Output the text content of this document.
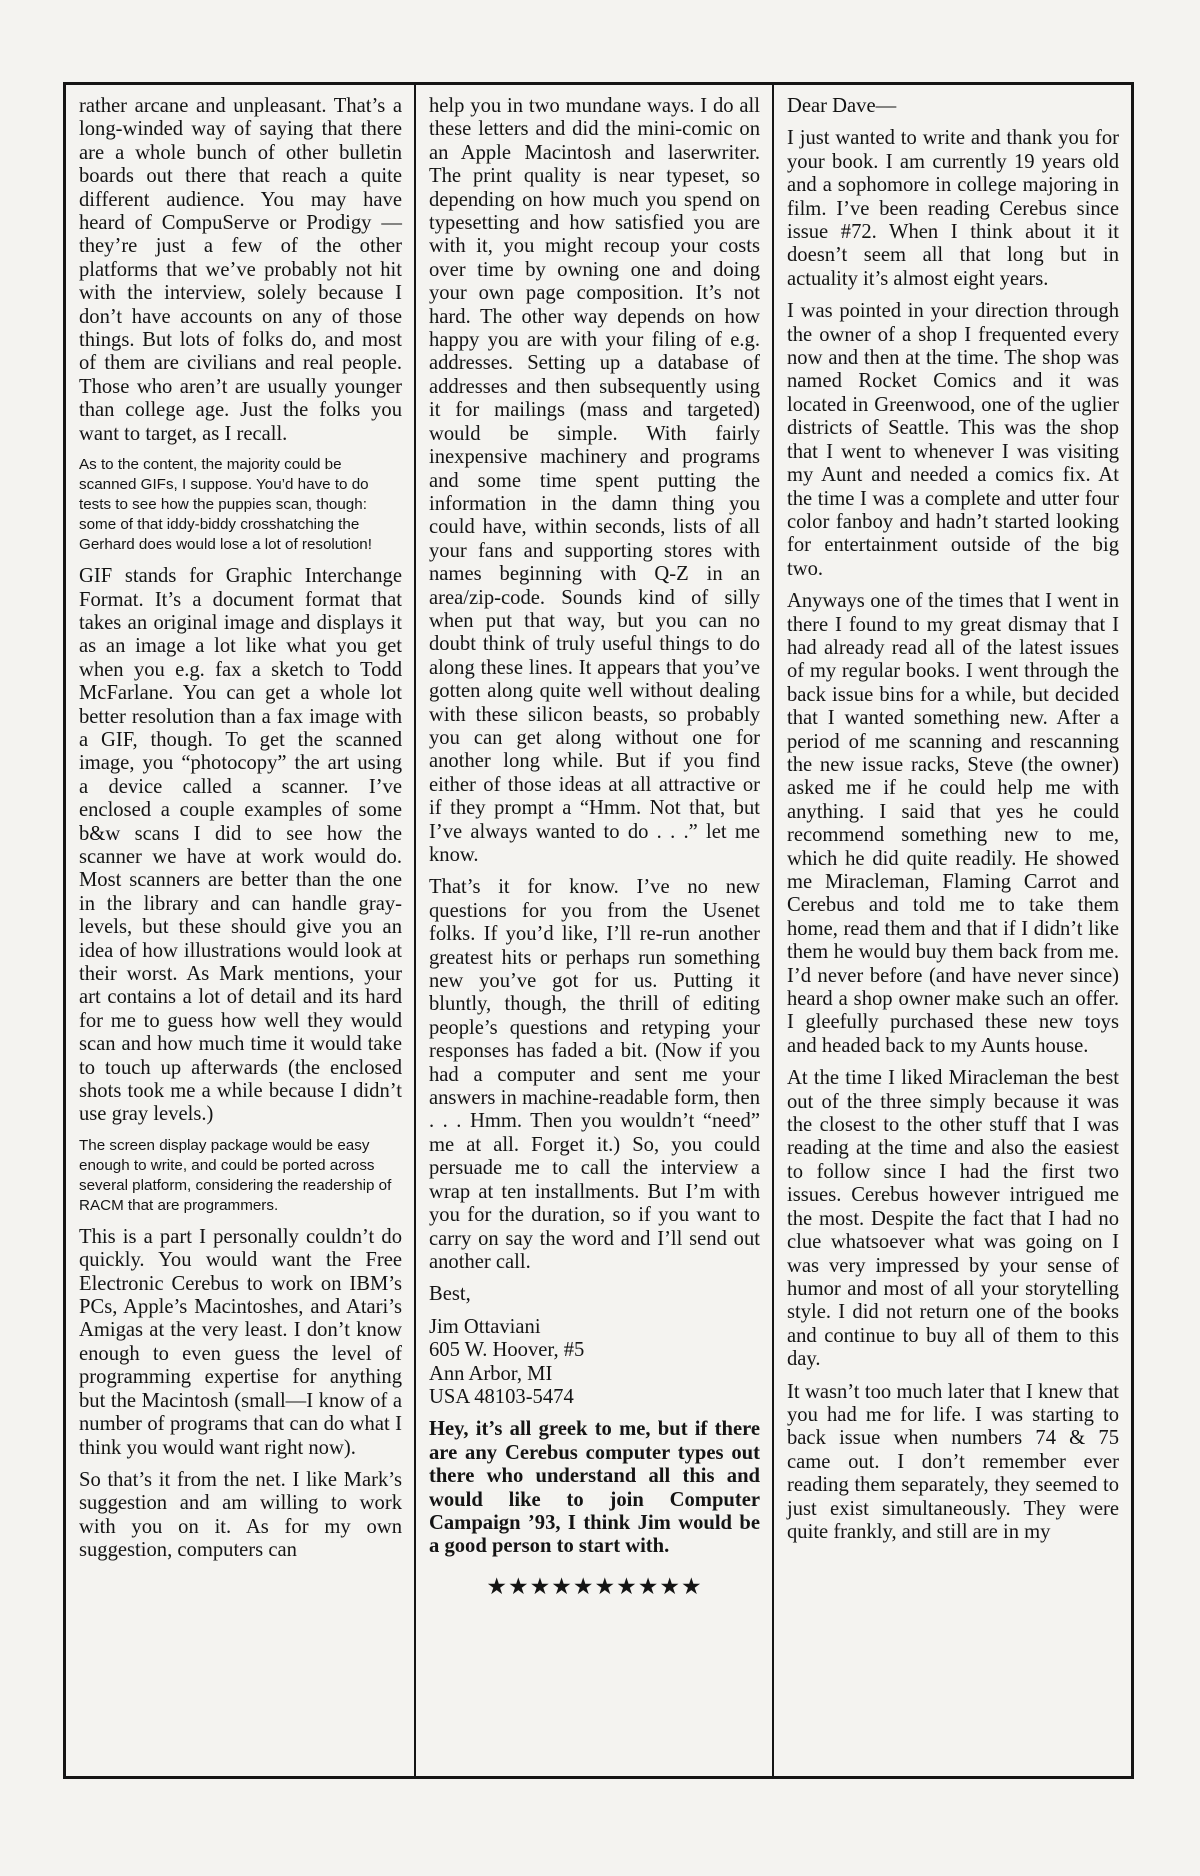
rather arcane and unpleasant. That’s a long-winded way of saying that there are a whole bunch of other bulletin boards out there that reach a quite different audience. You may have heard of CompuServe or Prodigy — they’re just a few of the other platforms that we’ve probably not hit with the interview, solely because I don’t have accounts on any of those things. But lots of folks do, and most of them are civilians and real people. Those who aren’t are usually younger than college age. Just the folks you want to target, as I recall.

As to the content, the majority could be scanned GIFs, I suppose. You’d have to do tests to see how the puppies scan, though: some of that iddy-biddy crosshatching the Gerhard does would lose a lot of resolution!

GIF stands for Graphic Interchange Format. It’s a document format that takes an original image and displays it as an image a lot like what you get when you e.g. fax a sketch to Todd McFarlane. You can get a whole lot better resolution than a fax image with a GIF, though. To get the scanned image, you “photocopy” the art using a device called a scanner. I’ve enclosed a couple examples of some b&w scans I did to see how the scanner we have at work would do. Most scanners are better than the one in the library and can handle gray-levels, but these should give you an idea of how illustrations would look at their worst. As Mark mentions, your art contains a lot of detail and its hard for me to guess how well they would scan and how much time it would take to touch up afterwards (the enclosed shots took me a while because I didn’t use gray levels.)

The screen display package would be easy enough to write, and could be ported across several platform, considering the readership of RACM that are programmers.

This is a part I personally couldn’t do quickly. You would want the Free Electronic Cerebus to work on IBM’s PCs, Apple’s Macintoshes, and Atari’s Amigas at the very least. I don’t know enough to even guess the level of programming expertise for anything but the Macintosh (small—I know of a number of programs that can do what I think you would want right now).

So that’s it from the net. I like Mark’s suggestion and am willing to work with you on it. As for my own suggestion, computers can

help you in two mundane ways. I do all these letters and did the mini-comic on an Apple Macintosh and laserwriter. The print quality is near typeset, so depending on how much you spend on typesetting and how satisfied you are with it, you might recoup your costs over time by owning one and doing your own page composition. It’s not hard. The other way depends on how happy you are with your filing of e.g. addresses. Setting up a database of addresses and then subsequently using it for mailings (mass and targeted) would be simple. With fairly inexpensive machinery and programs and some time spent putting the information in the damn thing you could have, within seconds, lists of all your fans and supporting stores with names beginning with Q-Z in an area/zip-code. Sounds kind of silly when put that way, but you can no doubt think of truly useful things to do along these lines. It appears that you’ve gotten along quite well without dealing with these silicon beasts, so probably you can get along without one for another long while. But if you find either of those ideas at all attractive or if they prompt a “Hmm. Not that, but I’ve always wanted to do . . .” let me know.

That’s it for know. I’ve no new questions for you from the Usenet folks. If you’d like, I’ll re-run another greatest hits or perhaps run something new you’ve got for us. Putting it bluntly, though, the thrill of editing people’s questions and retyping your responses has faded a bit. (Now if you had a computer and sent me your answers in machine-readable form, then . . . Hmm. Then you wouldn’t “need” me at all. Forget it.) So, you could persuade me to call the interview a wrap at ten installments. But I’m with you for the duration, so if you want to carry on say the word and I’ll send out another call.

Best,

Jim Ottaviani
605 W. Hoover, #5
Ann Arbor, MI
USA 48103-5474

Hey, it’s all greek to me, but if there are any Cerebus computer types out there who understand all this and would like to join Computer Campaign ’93, I think Jim would be a good person to start with.

★★★★★★★★★★

Dear Dave—

I just wanted to write and thank you for your book. I am currently 19 years old and a sophomore in college majoring in film. I’ve been reading Cerebus since issue #72. When I think about it it doesn’t seem all that long but in actuality it’s almost eight years.

I was pointed in your direction through the owner of a shop I frequented every now and then at the time. The shop was named Rocket Comics and it was located in Greenwood, one of the uglier districts of Seattle. This was the shop that I went to whenever I was visiting my Aunt and needed a comics fix. At the time I was a complete and utter four color fanboy and hadn’t started looking for entertainment outside of the big two.

Anyways one of the times that I went in there I found to my great dismay that I had already read all of the latest issues of my regular books. I went through the back issue bins for a while, but decided that I wanted something new. After a period of me scanning and rescanning the new issue racks, Steve (the owner) asked me if he could help me with anything. I said that yes he could recommend something new to me, which he did quite readily. He showed me Miracleman, Flaming Carrot and Cerebus and told me to take them home, read them and that if I didn’t like them he would buy them back from me. I’d never before (and have never since) heard a shop owner make such an offer. I gleefully purchased these new toys and headed back to my Aunts house.

At the time I liked Miracleman the best out of the three simply because it was the closest to the other stuff that I was reading at the time and also the easiest to follow since I had the first two issues. Cerebus however intrigued me the most. Despite the fact that I had no clue whatsoever what was going on I was very impressed by your sense of humor and most of all your storytelling style. I did not return one of the books and continue to buy all of them to this day.

It wasn’t too much later that I knew that you had me for life. I was starting to back issue when numbers 74 & 75 came out. I don’t remember ever reading them separately, they seemed to just exist simultaneously. They were quite frankly, and still are in my
